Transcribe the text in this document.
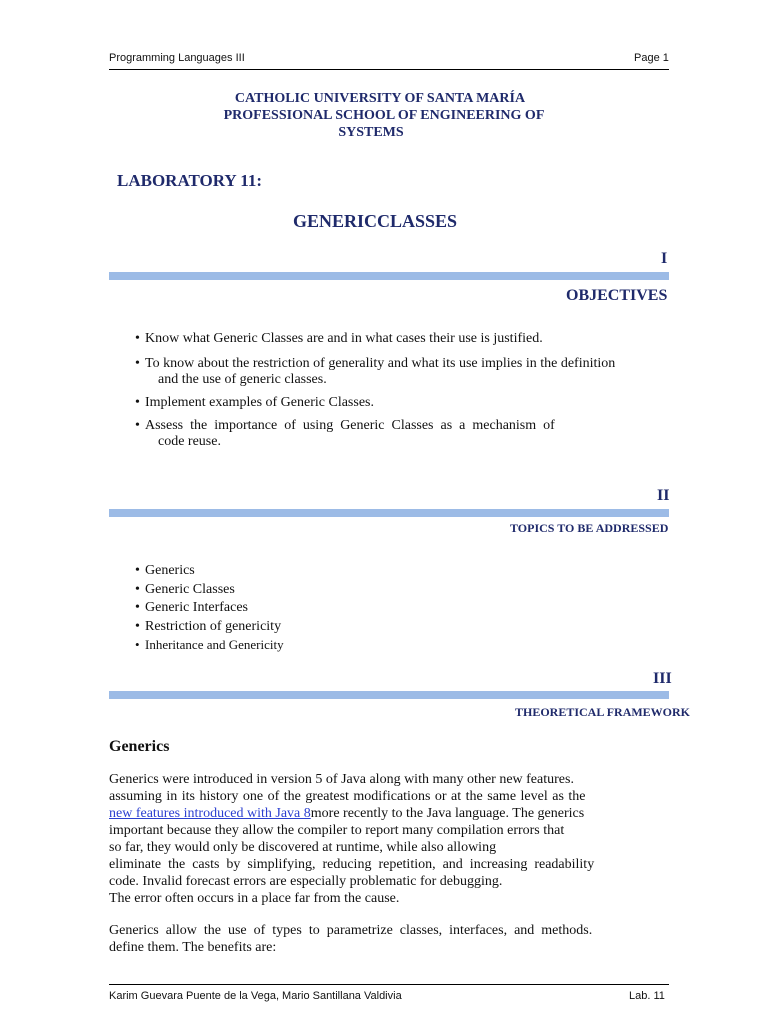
Programming Languages III	Page 1
CATHOLIC UNIVERSITY OF SANTA MARÍA
PROFESSIONAL SCHOOL OF ENGINEERING OF
SYSTEMS
LABORATORY 11:
GENERICCLASSES
I
OBJECTIVES
• Know what Generic Classes are and in what cases their use is justified.
• To know about the restriction of generality and what its use implies in the definition
and the use of generic classes.
• Implement examples of Generic Classes.
• Assess  the  importance  of  using  Generic  Classes  as  a  mechanism  of
code reuse.
II
TOPICS TO BE ADDRESSED
• Generics
• Generic Classes
• Generic Interfaces
• Restriction of genericity
• Inheritance and Genericity
III
THEORETICAL FRAMEWORK
Generics
Generics were introduced in version 5 of Java along with many other new features.
assuming in its history one of the greatest modifications or at the same level as the
new features introduced with Java 8more recently to the Java language. The generics
important because they allow the compiler to report many compilation errors that
so far, they would only be discovered at runtime, while also allowing
eliminate  the  casts  by  simplifying,  reducing  repetition,  and  increasing  readability
code. Invalid forecast errors are especially problematic for debugging.
The error often occurs in a place far from the cause.
Generics  allow  the  use  of  types  to  parametrize  classes,  interfaces,  and  methods.
define them. The benefits are:
Karim Guevara Puente de la Vega, Mario Santillana Valdivia	Lab. 11
